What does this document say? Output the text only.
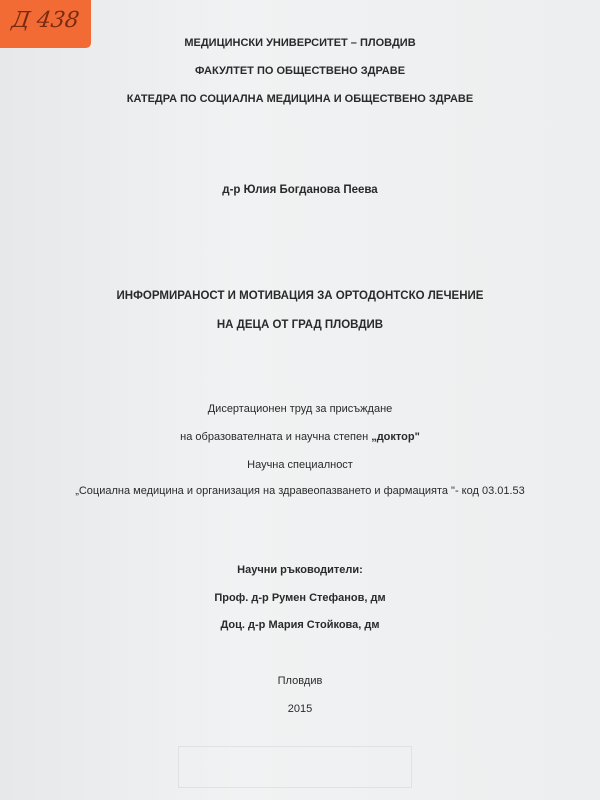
Д 438
МЕДИЦИНСКИ УНИВЕРСИТЕТ – ПЛОВДИВ
ФАКУЛТЕТ ПО ОБЩЕСТВЕНО ЗДРАВЕ
КАТЕДРА ПО СОЦИАЛНА МЕДИЦИНА И ОБЩЕСТВЕНО ЗДРАВЕ
д-р Юлия Богданова Пеева
ИНФОРМИРАНОСТ И МОТИВАЦИЯ ЗА ОРТОДОНТСКО ЛЕЧЕНИЕ
НА ДЕЦА ОТ ГРАД ПЛОВДИВ
Дисертационен труд за присъждане
на образователната и научна степен „доктор"
Научна специалност
„Социална медицина и организация на здравеопазването и фармацията "- код 03.01.53
Научни ръководители:
Проф. д-р Румен Стефанов, дм
Доц. д-р Мария Стойкова, дм
Пловдив
2015
